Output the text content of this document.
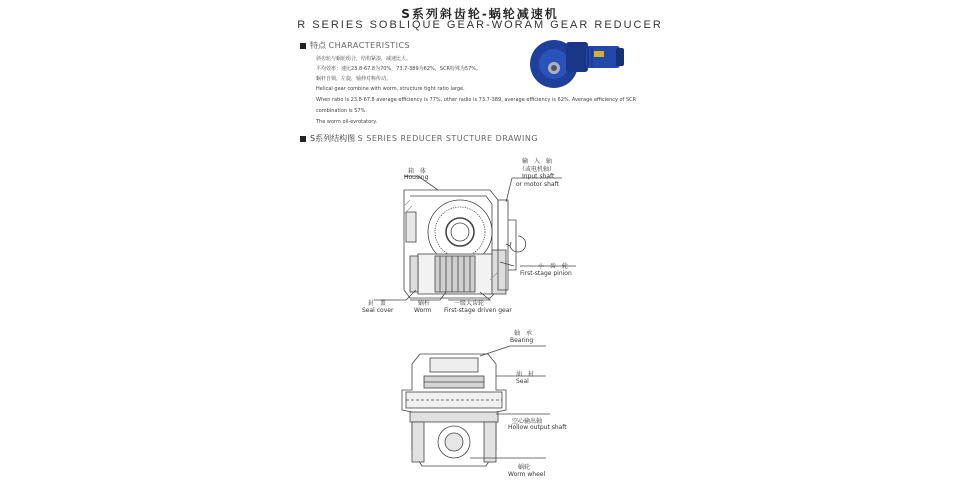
S系列斜齿轮-蜗轮减速机
R SERIES SOBLIQUE GEAR-WORAM GEAR REDUCER
特点 CHARACTERISTICS
斜齿轮与蜗轮组合，结构紧凑，减速比大。
平均效率：速比23.8-67.8为70%，73.7-389为62%，SCR特殊为57%。
蜗杆自锁，左旋，轴伸对称传动。
Helical gear combine with worm, structure tight ratio large.
When ratio is 23.8-67.8 average efficiency is 77%, other radio is 73.7-389, average efficiency is 62%. Average efficiency of SCR
combination is 57%.
The worm oil-evrotatory.
S系列结构图 S SERIES REDUCER STUCTURE DRAWING
箱 体
Housing
输 入 轴
（或电机轴）
Input shaft
or motor shaft
小 齿 轮
First-stage pinion
封 盖
Seal cover
蜗杆
Worm
一级大齿轮
First-stage driven gear
轴 承
Bearing
油 封
Seal
空心输出轴
Hollow output shaft
蜗轮
Worm wheel
